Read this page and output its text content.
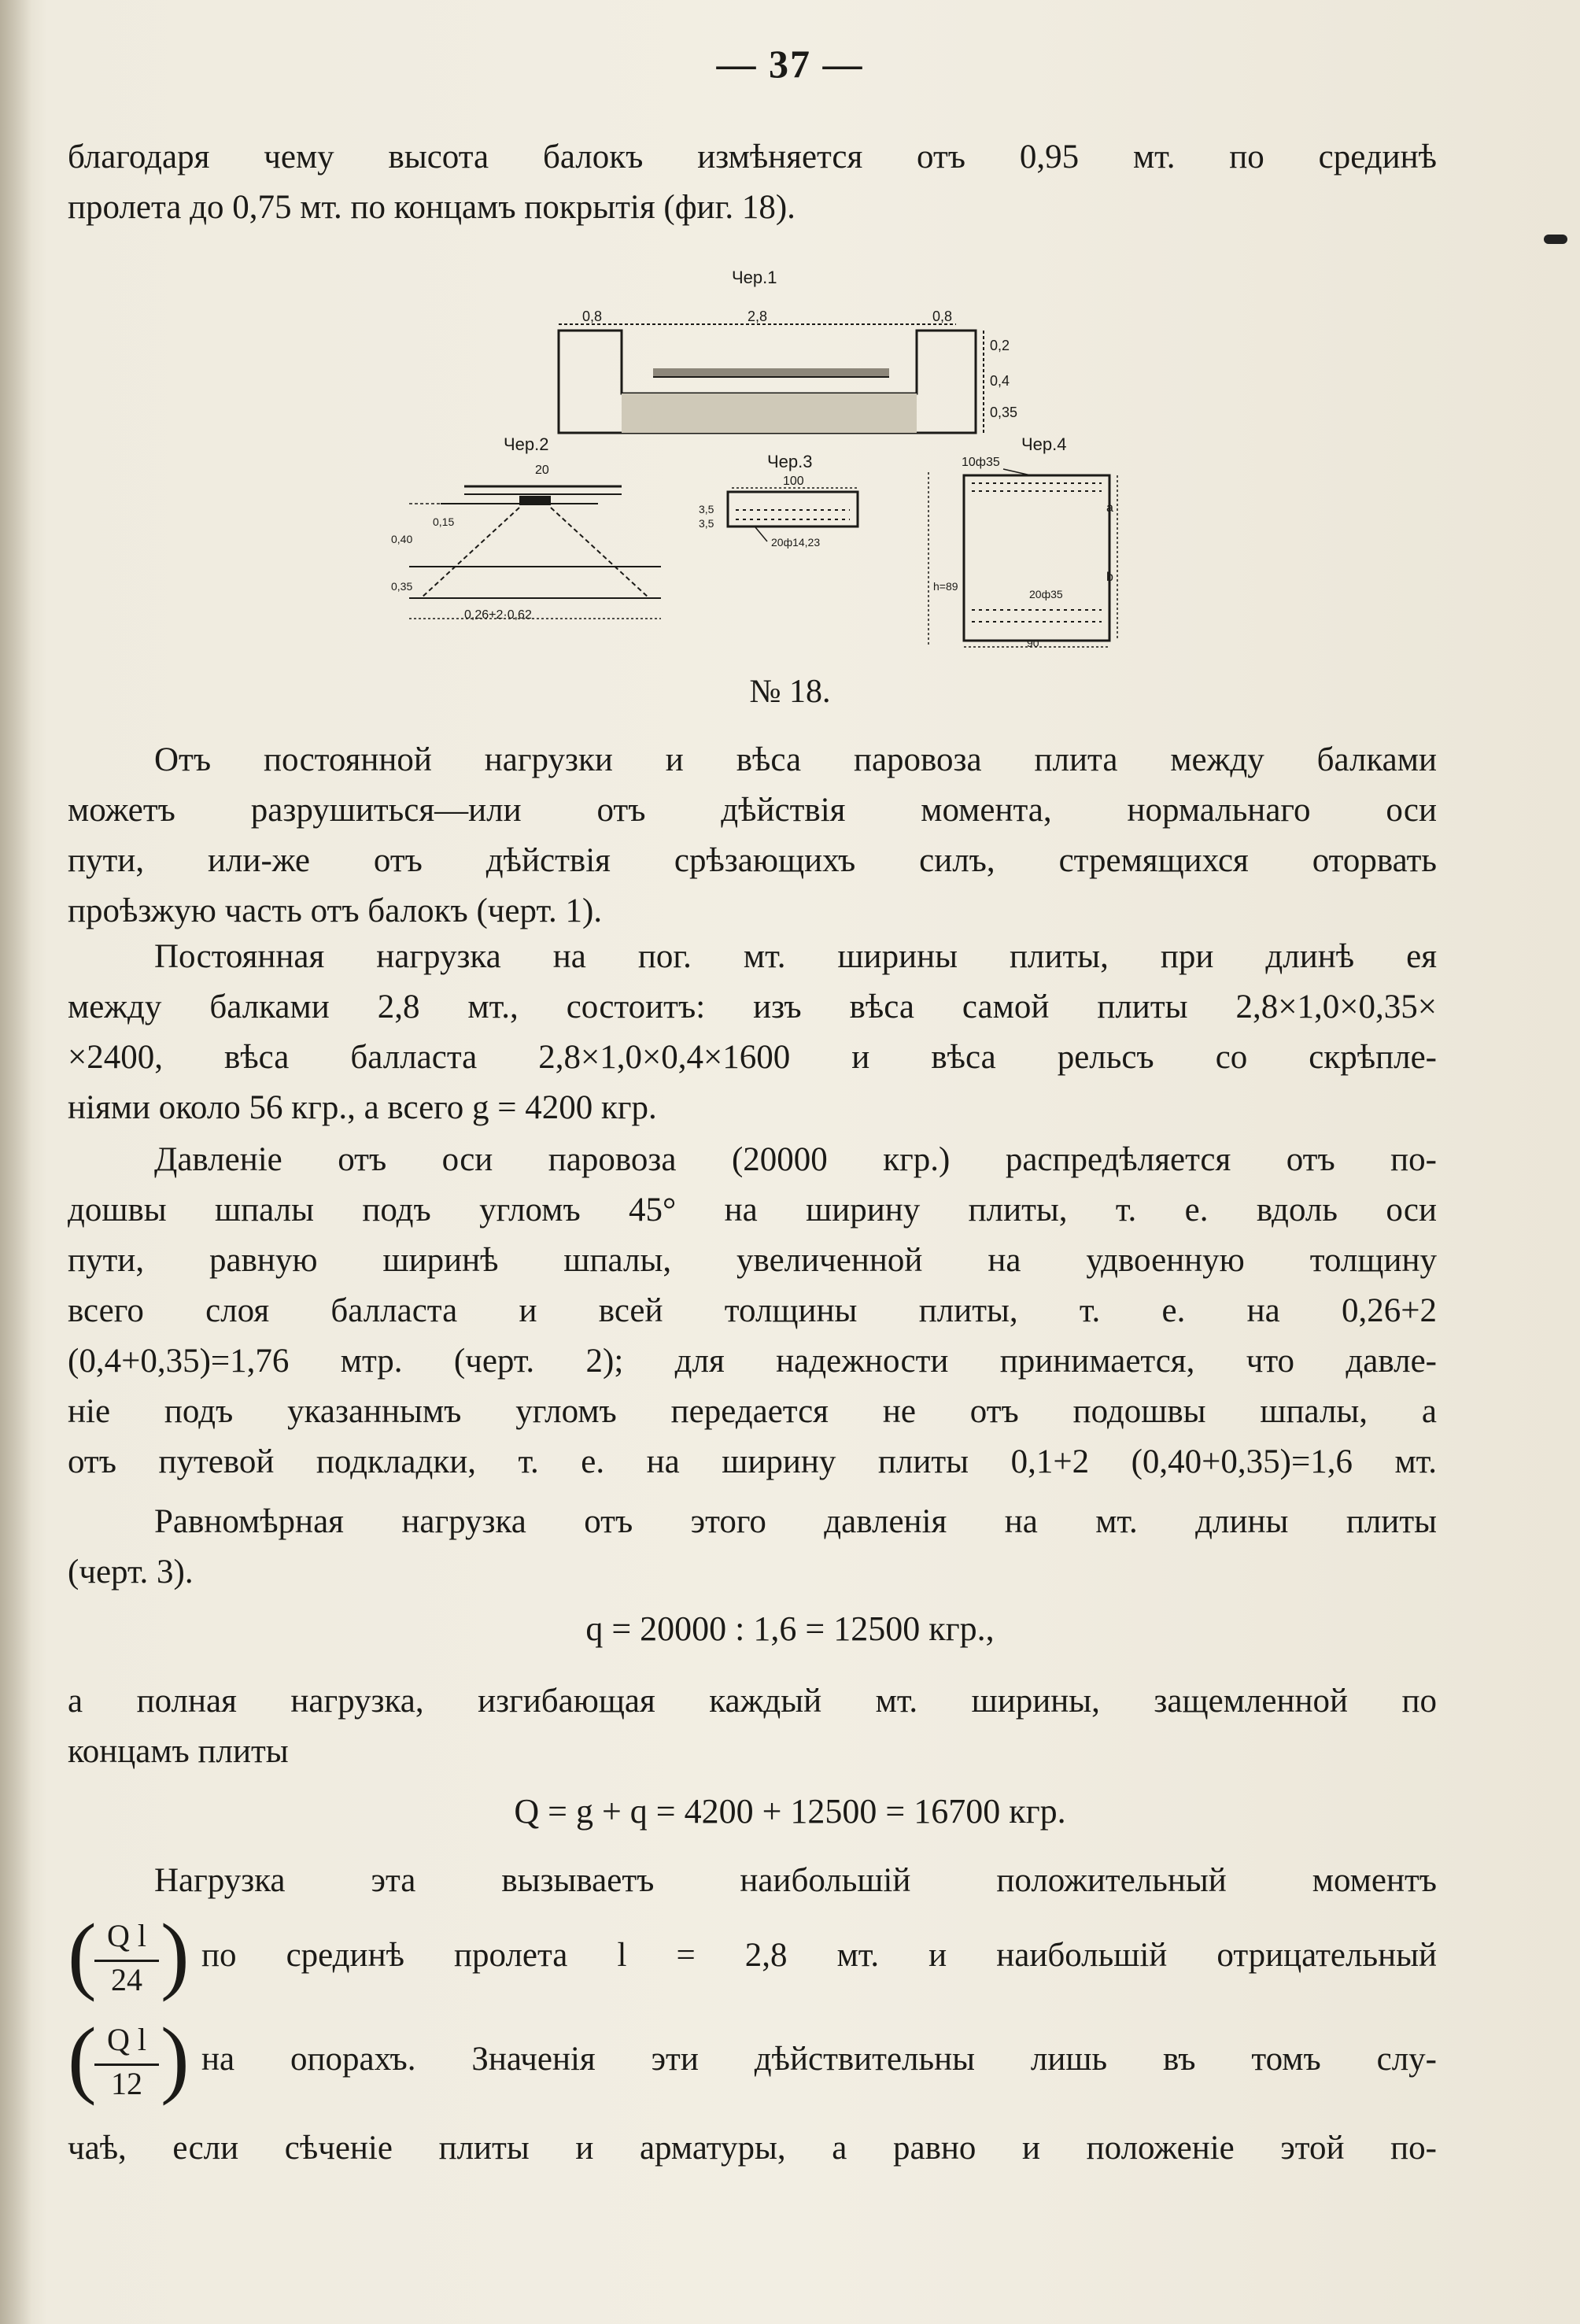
— 37 —
благодаря чему высота балокъ измѣняется отъ 0,95 мт. по срединѣ
пролета до 0,75 мт. по концамъ покрытія (фиг. 18).
Чер.1
0,8	2,8	0,8
0,2
0,4
0,35
Чер.2
20
0,15
0,40
0,35
0,26+2·0,62
Чер.3
100
3,5
3,5
20ф14,23
Чер.4
10ф35
h=89
a
b
20ф35
90
№ 18.
Отъ постоянной нагрузки и вѣса паровоза плита между балками
можетъ разрушиться—или отъ дѣйствія момента, нормальнаго оси
пути, или-же отъ дѣйствія срѣзающихъ силъ, стремящихся оторвать
проѣзжую часть отъ балокъ (черт. 1).
Постоянная нагрузка на пог. мт. ширины плиты, при длинѣ ея
между балками 2,8 мт., состоитъ: изъ вѣса самой плиты 2,8×1,0×0,35×
×2400, вѣса балласта 2,8×1,0×0,4×1600 и вѣса рельсъ со скрѣпле-
ніями около 56 кгр., а всего g = 4200 кгр.
Давленіе отъ оси паровоза (20000 кгр.) распредѣляется отъ по-
дошвы шпалы подъ угломъ 45° на ширину плиты, т. е. вдоль оси
пути, равную ширинѣ шпалы, увеличенной на удвоенную толщину
всего слоя балласта и всей толщины плиты, т. е. на 0,26+2
(0,4+0,35)=1,76 мтр. (черт. 2); для надежности принимается, что давле-
ніе подъ указаннымъ угломъ передается не отъ подошвы шпалы, а
отъ путевой подкладки, т. е. на ширину плиты 0,1+2 (0,40+0,35)=1,6 мт.
Равномѣрная нагрузка отъ этого давленія на мт. длины плиты
(черт. 3).
q = 20000 : 1,6 = 12500 кгр.,
а полная нагрузка, изгибающая каждый мт. ширины, защемленной по
концамъ плиты
Q = g + q = 4200 + 12500 = 16700 кгр.
Нагрузка эта вызываетъ наибольшій положительный моментъ
( Q l
24 ) по срединѣ пролета l = 2,8 мт. и наибольшій отрицательный
( Q l
12 ) на опорахъ. Значенія эти дѣйствительны лишь въ томъ слу-
чаѣ, если сѣченіе плиты и арматуры, а равно и положеніе этой по-
